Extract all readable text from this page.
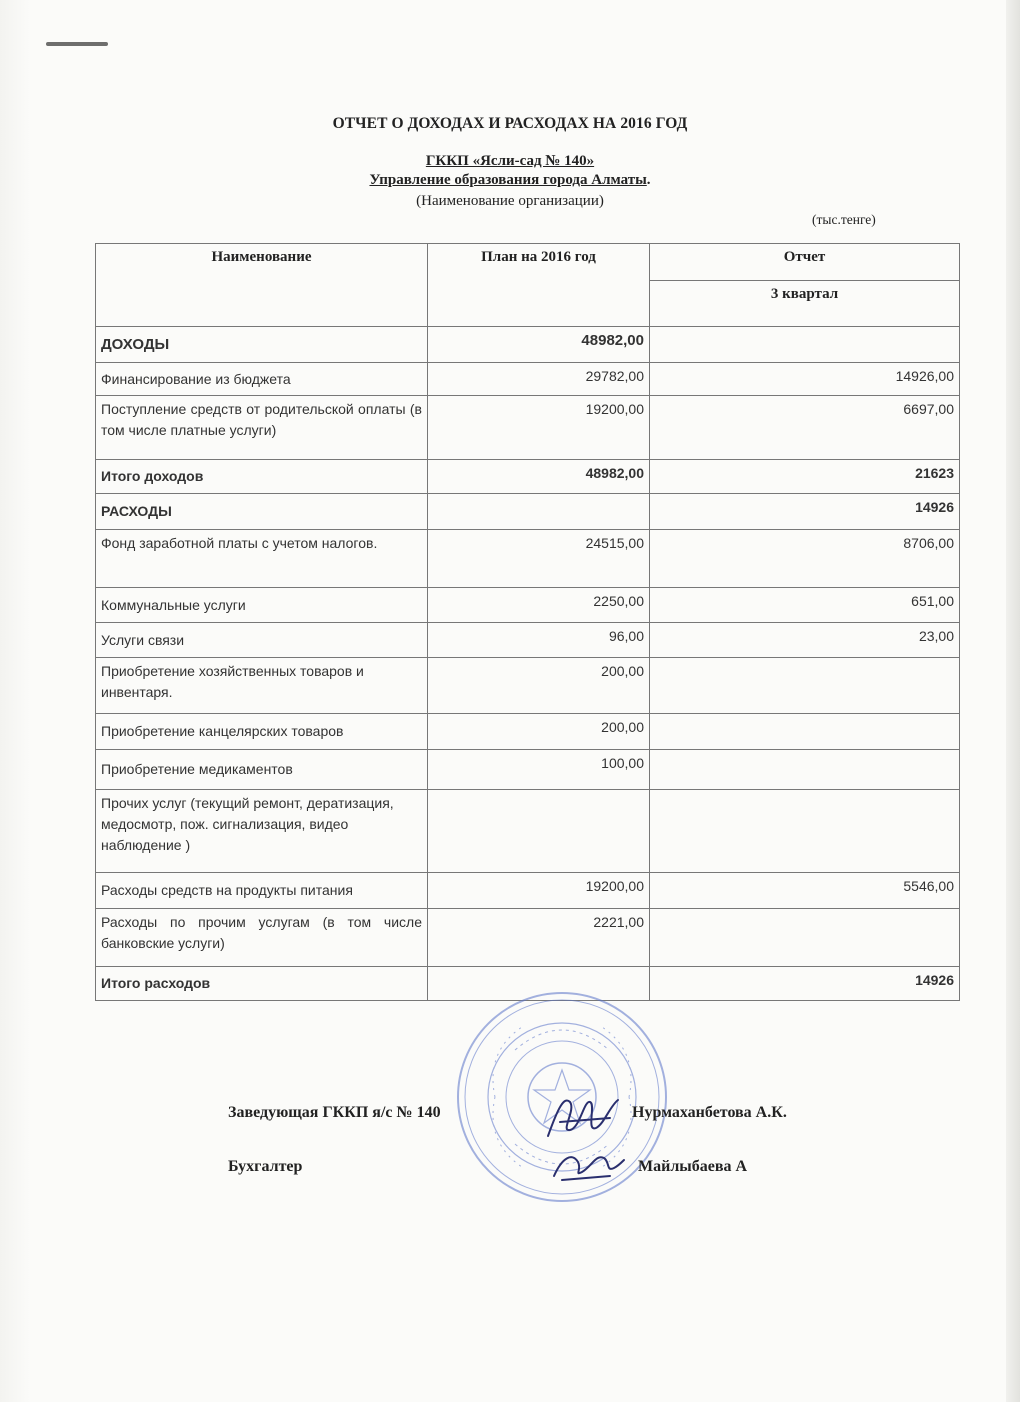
ОТЧЕТ О ДОХОДАХ И РАСХОДАХ НА 2016 ГОД
ГККП «Ясли-сад № 140»
Управление образования города Алматы.
(Наименование организации)
(тыс.тенге)
Наименование	План на 2016 год	Отчет
		3 квартал
ДОХОДЫ	48982,00	
Финансирование из бюджета	29782,00	14926,00
Поступление средств от родительской оплаты (в том числе платные услуги)	19200,00	6697,00
Итого доходов	48982,00	21623
РАСХОДЫ		14926
Фонд заработной платы с учетом налогов.	24515,00	8706,00
Коммунальные услуги	2250,00	651,00
Услуги связи	96,00	23,00
Приобретение хозяйственных товаров и инвентаря.	200,00	
Приобретение канцелярских товаров	200,00	
Приобретение медикаментов	100,00	
Прочих услуг (текущий ремонт, дератизация, медосмотр, пож. сигнализация, видео наблюдение )		
Расходы средств на продукты питания	19200,00	5546,00
Расходы по прочим услугам (в том числе банковские услуги)	2221,00	
Итого расходов		14926
Заведующая ГККП я/с № 140	Нурмаханбетова А.К.
Бухгалтер	Майлыбаева А
